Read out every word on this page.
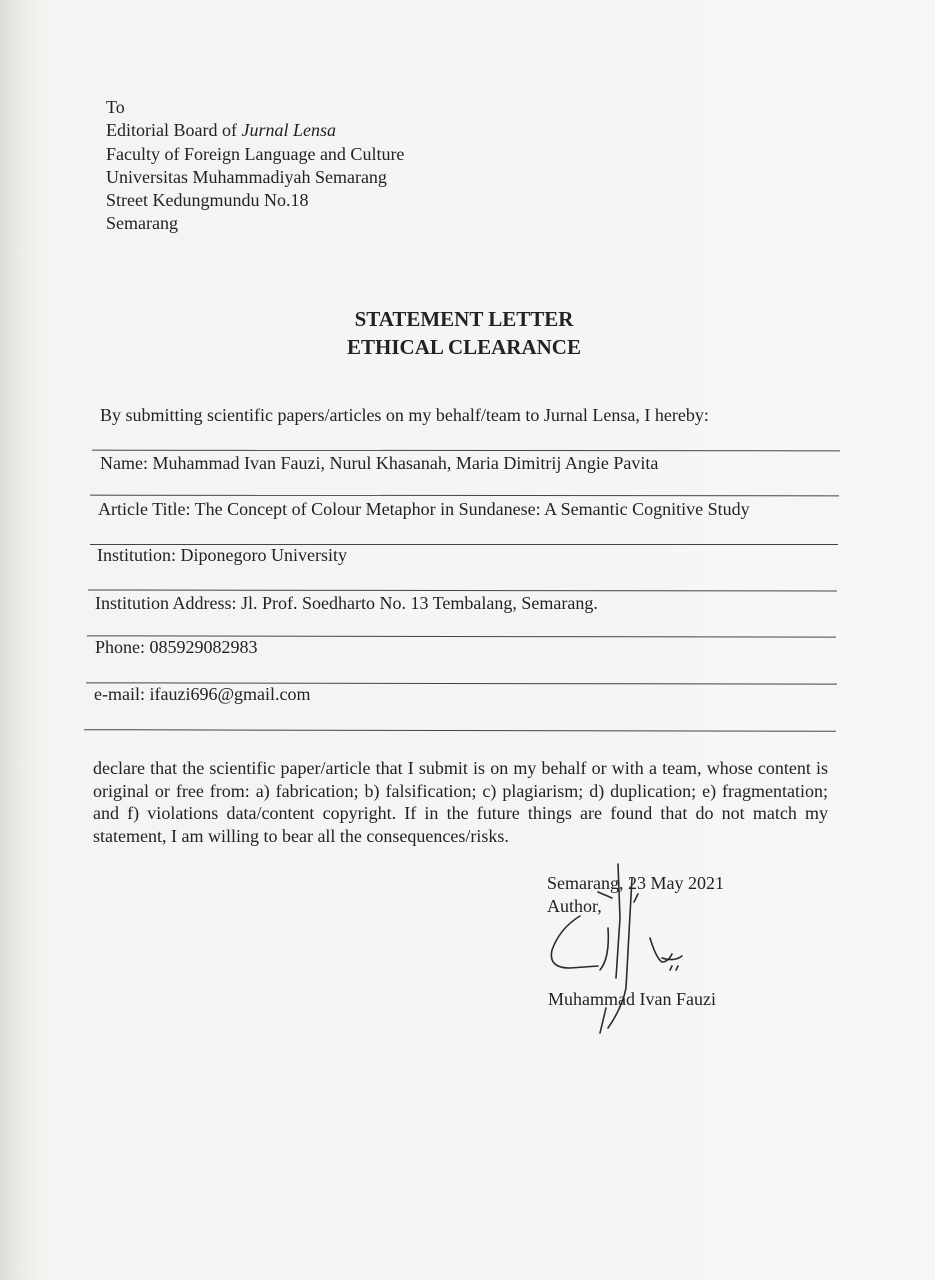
To
Editorial Board of Jurnal Lensa
Faculty of Foreign Language and Culture
Universitas Muhammadiyah Semarang
Street Kedungmundu No.18
Semarang
STATEMENT LETTER
ETHICAL CLEARANCE
By submitting scientific papers/articles on my behalf/team to Jurnal Lensa, I hereby:
Name: Muhammad Ivan Fauzi, Nurul Khasanah, Maria Dimitrij Angie Pavita
Article Title: The Concept of Colour Metaphor in Sundanese: A Semantic Cognitive Study
Institution: Diponegoro University
Institution Address: Jl. Prof. Soedharto No. 13 Tembalang, Semarang.
Phone: 085929082983
e-mail: ifauzi696@gmail.com
declare that the scientific paper/article that I submit is on my behalf or with a team, whose content is original or free from: a) fabrication; b) falsification; c) plagiarism; d) duplication; e) fragmentation; and f) violations data/content copyright. If in the future things are found that do not match my statement, I am willing to bear all the consequences/risks.
Semarang, 23 May 2021
Author,
Muhammad Ivan Fauzi
